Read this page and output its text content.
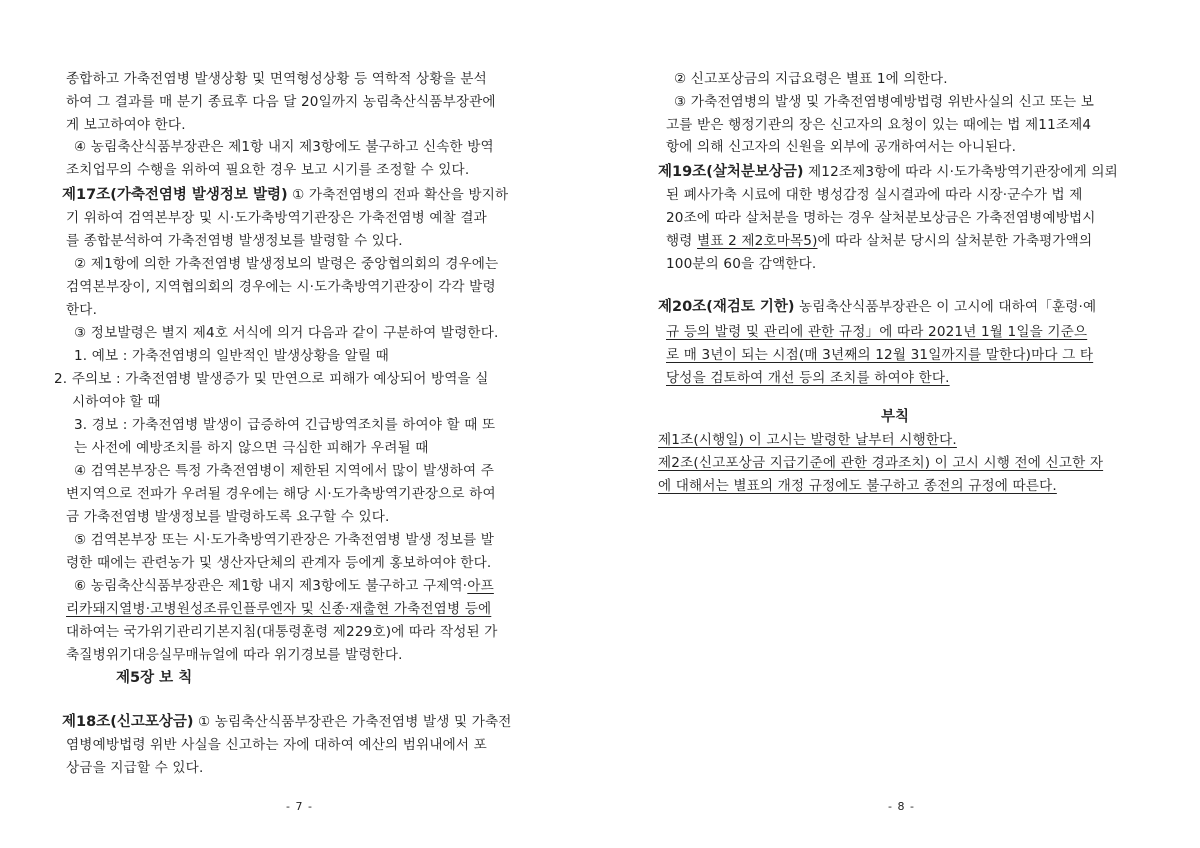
종합하고 가축전염병 발생상황 및 면역형성상황 등 역학적 상황을 분석
하여 그 결과를 매 분기 종료후 다음 달 20일까지 농림축산식품부장관에
게 보고하여야 한다.
④ 농림축산식품부장관은 제1항 내지 제3항에도 불구하고 신속한 방역
조치업무의 수행을 위하여 필요한 경우 보고 시기를 조정할 수 있다.
제17조(가축전염병 발생정보 발령) ① 가축전염병의 전파 확산을 방지하
기 위하여 검역본부장 및 시·도가축방역기관장은 가축전염병 예찰 결과
를 종합분석하여 가축전염병 발생정보를 발령할 수 있다.
② 제1항에 의한 가축전염병 발생정보의 발령은 중앙협의회의 경우에는
검역본부장이, 지역협의회의 경우에는 시·도가축방역기관장이 각각 발령
한다.
③ 정보발령은 별지 제4호 서식에 의거 다음과 같이 구분하여 발령한다.
1. 예보 : 가축전염병의 일반적인 발생상황을 알릴 때
2. 주의보 : 가축전염병 발생증가 및 만연으로 피해가 예상되어 방역을 실
시하여야 할 때
3. 경보 : 가축전염병 발생이 급증하여 긴급방역조치를 하여야 할 때 또
는 사전에 예방조치를 하지 않으면 극심한 피해가 우려될 때
④ 검역본부장은 특정 가축전염병이 제한된 지역에서 많이 발생하여 주
변지역으로 전파가 우려될 경우에는 해당 시·도가축방역기관장으로 하여
금 가축전염병 발생정보를 발령하도록 요구할 수 있다.
⑤ 검역본부장 또는 시·도가축방역기관장은 가축전염병 발생 정보를 발
령한 때에는 관련농가 및 생산자단체의 관계자 등에게 홍보하여야 한다.
⑥ 농림축산식품부장관은 제1항 내지 제3항에도 불구하고 구제역·아프
리카돼지열병·고병원성조류인플루엔자 및 신종·재출현 가축전염병 등에
대하여는 국가위기관리기본지침(대통령훈령 제229호)에 따라 작성된 가
축질병위기대응실무매뉴얼에 따라 위기경보를 발령한다.
제5장 보 칙
제18조(신고포상금) ① 농림축산식품부장관은 가축전염병 발생 및 가축전
염병예방법령 위반 사실을 신고하는 자에 대하여 예산의 범위내에서 포
상금을 지급할 수 있다.
- 7 -
② 신고포상금의 지급요령은 별표 1에 의한다.
③ 가축전염병의 발생 및 가축전염병예방법령 위반사실의 신고 또는 보
고를 받은 행정기관의 장은 신고자의 요청이 있는 때에는 법 제11조제4
항에 의해 신고자의 신원을 외부에 공개하여서는 아니된다.
제19조(살처분보상금) 제12조제3항에 따라 시·도가축방역기관장에게 의뢰
된 폐사가축 시료에 대한 병성감정 실시결과에 따라 시장·군수가 법 제
20조에 따라 살처분을 명하는 경우 살처분보상금은 가축전염병예방법시
행령 별표 2 제2호마목5)에 따라 살처분 당시의 살처분한 가축평가액의
100분의 60을 감액한다.
제20조(재검토 기한) 농림축산식품부장관은 이 고시에 대하여「훈령·예
규 등의 발령 및 관리에 관한 규정」에 따라 2021년 1월 1일을 기준으
로 매 3년이 되는 시점(매 3년째의 12월 31일까지를 말한다)마다 그 타
당성을 검토하여 개선 등의 조치를 하여야 한다.
부칙
제1조(시행일) 이 고시는 발령한 날부터 시행한다.
제2조(신고포상금 지급기준에 관한 경과조치) 이 고시 시행 전에 신고한 자
에 대해서는 별표의 개정 규정에도 불구하고 종전의 규정에 따른다.
- 8 -
